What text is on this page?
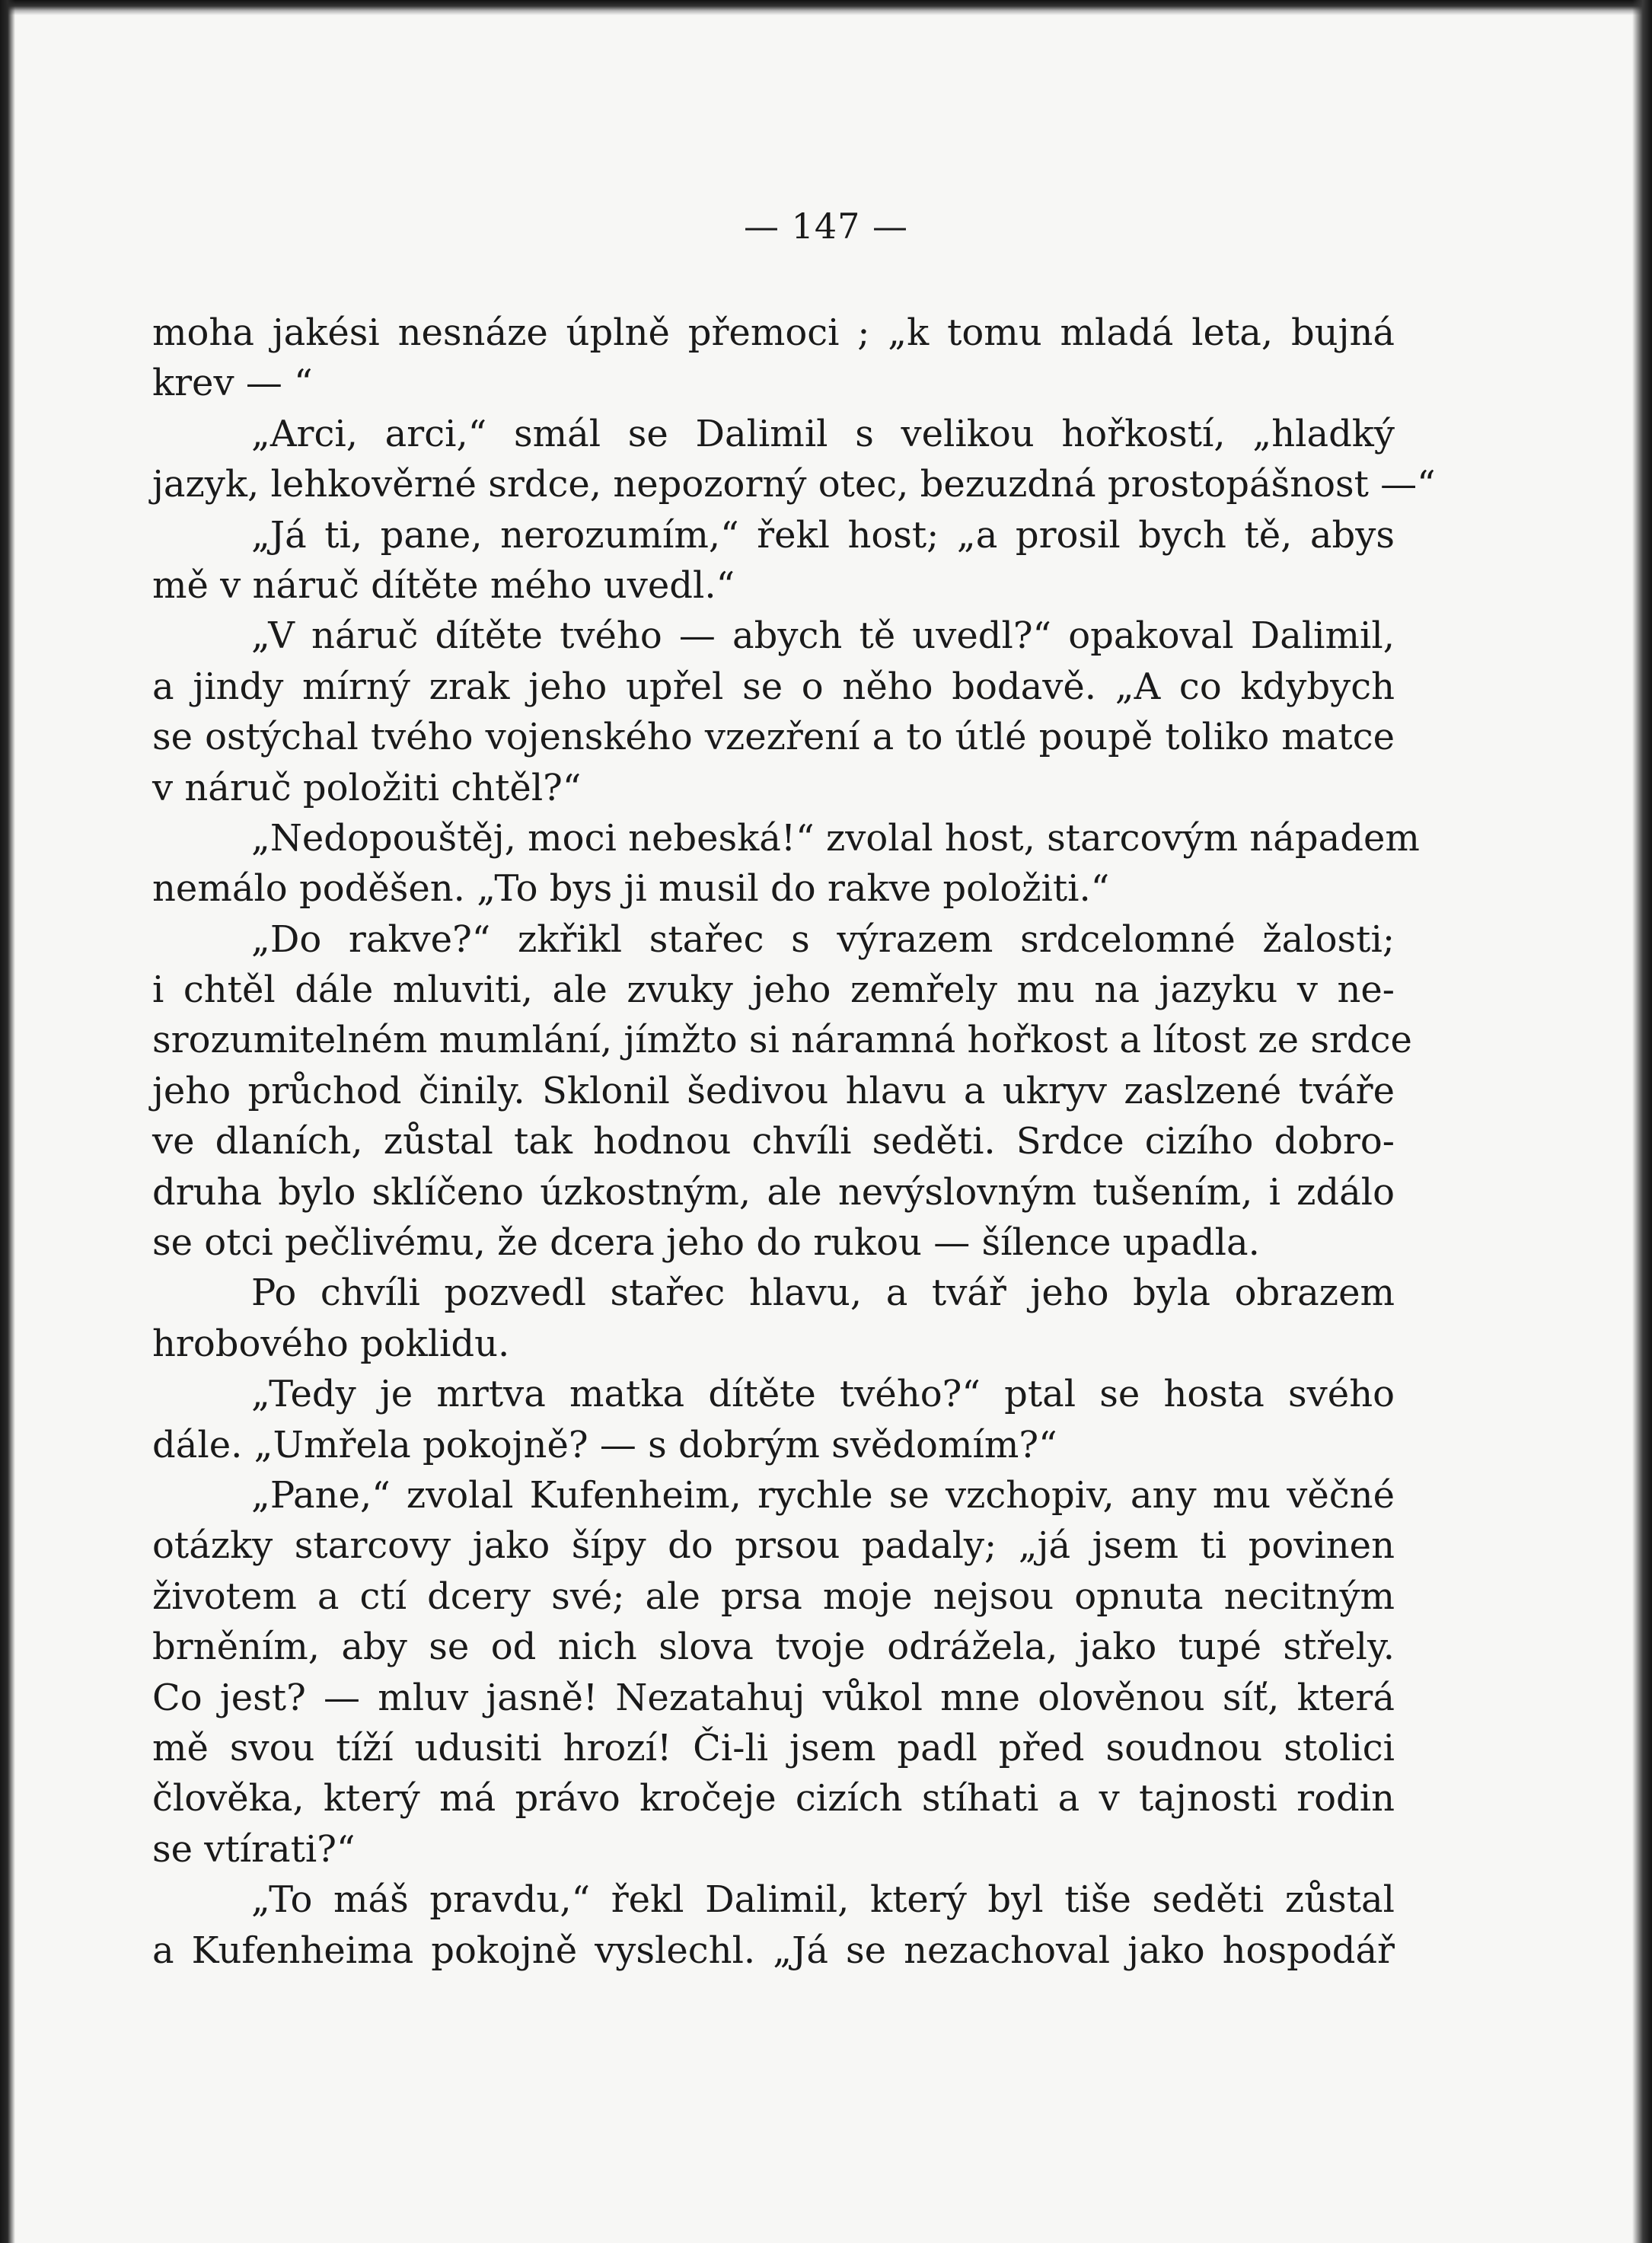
— 147 —
moha jakési nesnáze úplně přemoci ; „k tomu mladá leta, bujná
krev — “
„Arci, arci,“ smál se Dalimil s velikou hořkostí, „hladký
jazyk, lehkověrné srdce, nepozorný otec, bezuzdná prostopášnost —“
„Já ti, pane, nerozumím,“ řekl host; „a prosil bych tě, abys
mě v náruč dítěte mého uvedl.“
„V náruč dítěte tvého — abych tě uvedl?“ opakoval Dalimil,
a jindy mírný zrak jeho upřel se o něho bodavě. „A co kdybych
se ostýchal tvého vojenského vzezření a to útlé poupě toliko matce
v náruč položiti chtěl?“
„Nedopouštěj, moci nebeská!“ zvolal host, starcovým nápadem
nemálo poděšen. „To bys ji musil do rakve položiti.“
„Do rakve?“ zkřikl stařec s výrazem srdcelomné žalosti;
i chtěl dále mluviti, ale zvuky jeho zemřely mu na jazyku v ne-
srozumitelném mumlání, jímžto si náramná hořkost a lítost ze srdce
jeho průchod činily. Sklonil šedivou hlavu a ukryv zaslzené tváře
ve dlaních, zůstal tak hodnou chvíli seděti. Srdce cizího dobro-
druha bylo sklíčeno úzkostným, ale nevýslovným tušením, i zdálo
se otci pečlivému, že dcera jeho do rukou — šílence upadla.
Po chvíli pozvedl stařec hlavu, a tvář jeho byla obrazem
hrobového poklidu.
„Tedy je mrtva matka dítěte tvého?“ ptal se hosta svého
dále. „Umřela pokojně? — s dobrým svědomím?“
„Pane,“ zvolal Kufenheim, rychle se vzchopiv, any mu věčné
otázky starcovy jako šípy do prsou padaly; „já jsem ti povinen
životem a ctí dcery své; ale prsa moje nejsou opnuta necitným
brněním, aby se od nich slova tvoje odrážela, jako tupé střely.
Co jest? — mluv jasně! Nezatahuj vůkol mne olověnou síť, která
mě svou tíží udusiti hrozí! Či-li jsem padl před soudnou stolici
člověka, který má právo kročeje cizích stíhati a v tajnosti rodin
se vtírati?“
„To máš pravdu,“ řekl Dalimil, který byl tiše seděti zůstal
a Kufenheima pokojně vyslechl. „Já se nezachoval jako hospodář
